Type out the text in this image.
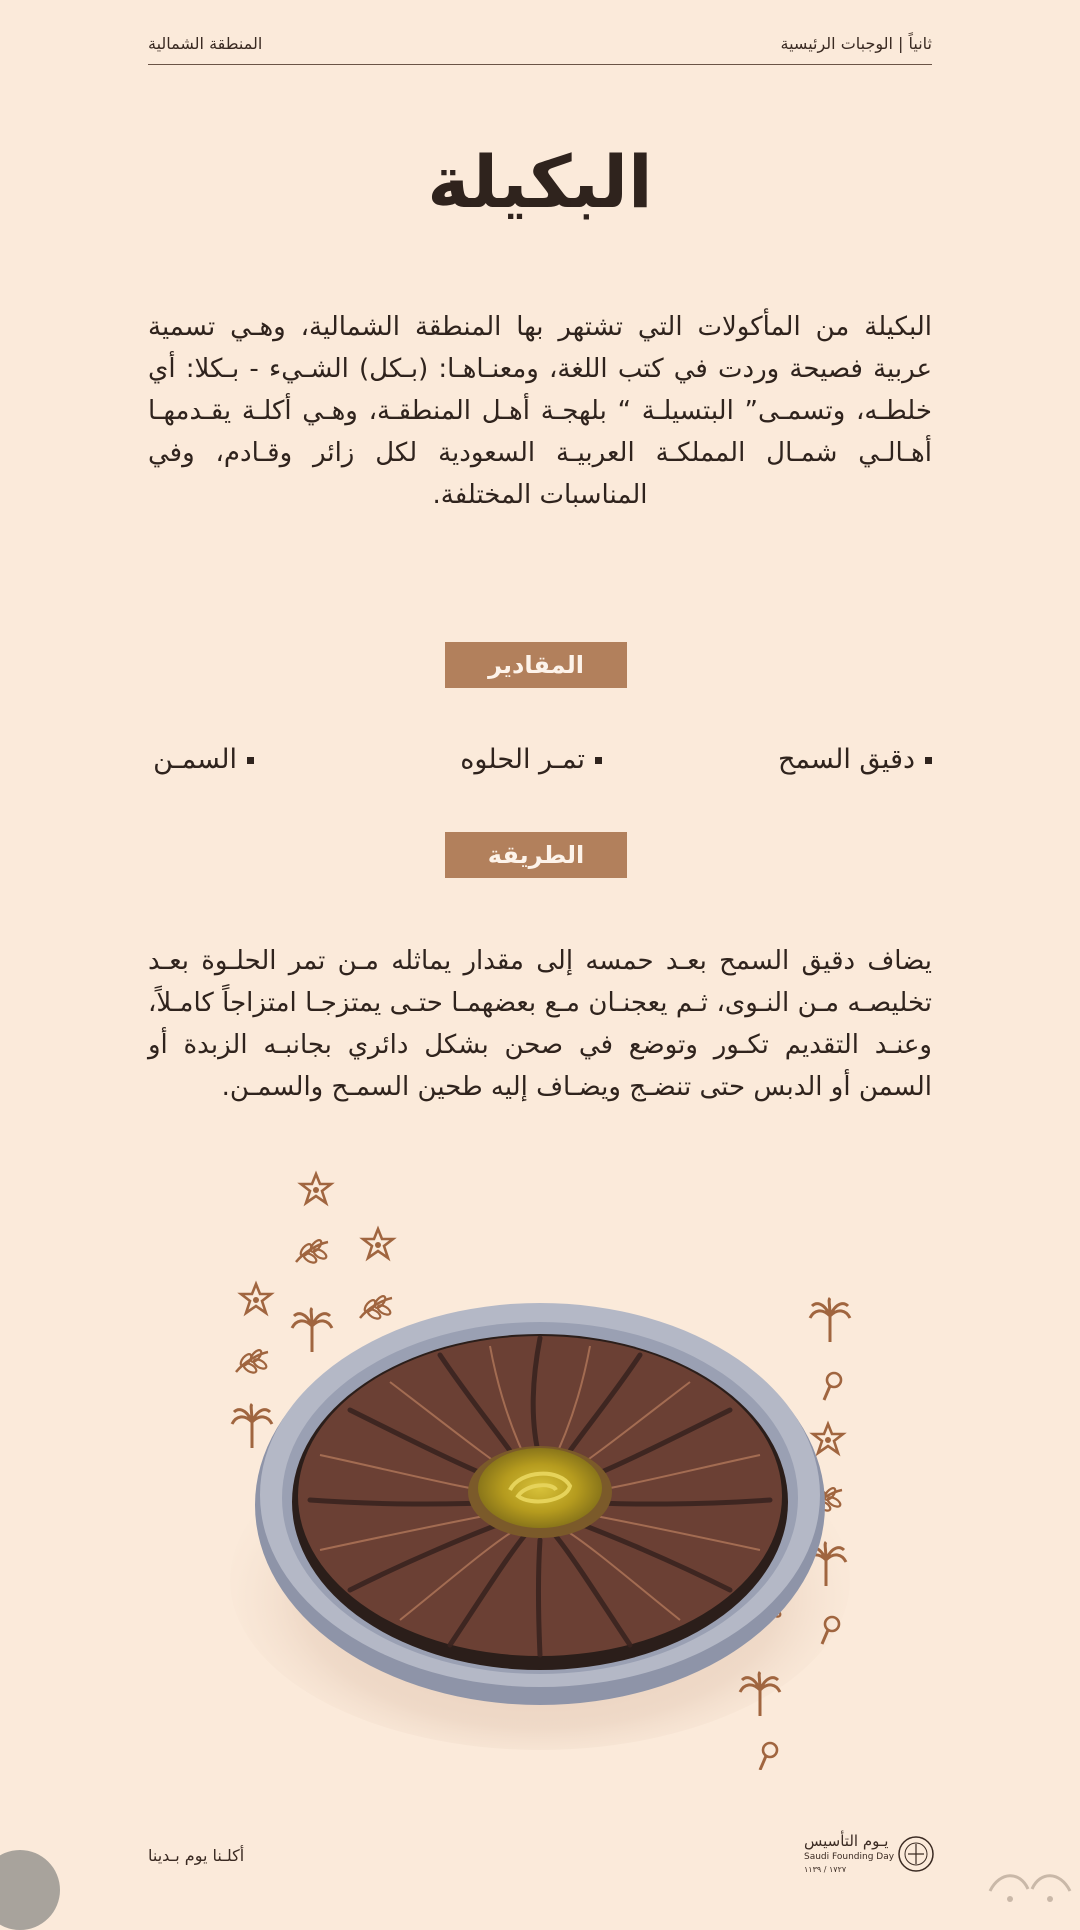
ثانياً | الوجبات الرئيسية
المنطقة الشمالية
البكيلة
البكيلة من المأكولات التي تشتهر بها المنطقة الشمالية، وهـي تسمية عربية فصيحة وردت في كتب اللغة، ومعنـاهـا: (بـكل) الشـيء - بـكلا: أي خلطـه، وتسمـى” البتسيلـة “ بلهجـة أهـل المنطقـة، وهـي أكلـة يقـدمهـا أهـالـي شمـال المملكـة العربيـة السعودية لكل زائر وقـادم، وفي المناسبات المختلفة.
المقادير
دقيق السمح
تمـر الحلوه
السمـن
الطريقة
يضاف دقيق السمح بعـد حمسه إلى مقدار يماثله مـن تمر الحلـوة بعـد تخليصـه مـن النـوى، ثـم يعجنـان مـع بعضهمـا حتـى يمتزجـا امتزاجاً كامـلاً، وعنـد التقديم تكـور وتوضع في صحن بشكل دائري بجانبـه الزبدة أو السمن أو الدبس حتى تنضـج ويضـاف إليه طحين السمـح والسمـن.
أكلـنا يوم بـدينا
يـوم التأسيس
Saudi Founding Day
١٧٢٧ / ١١٣٩
